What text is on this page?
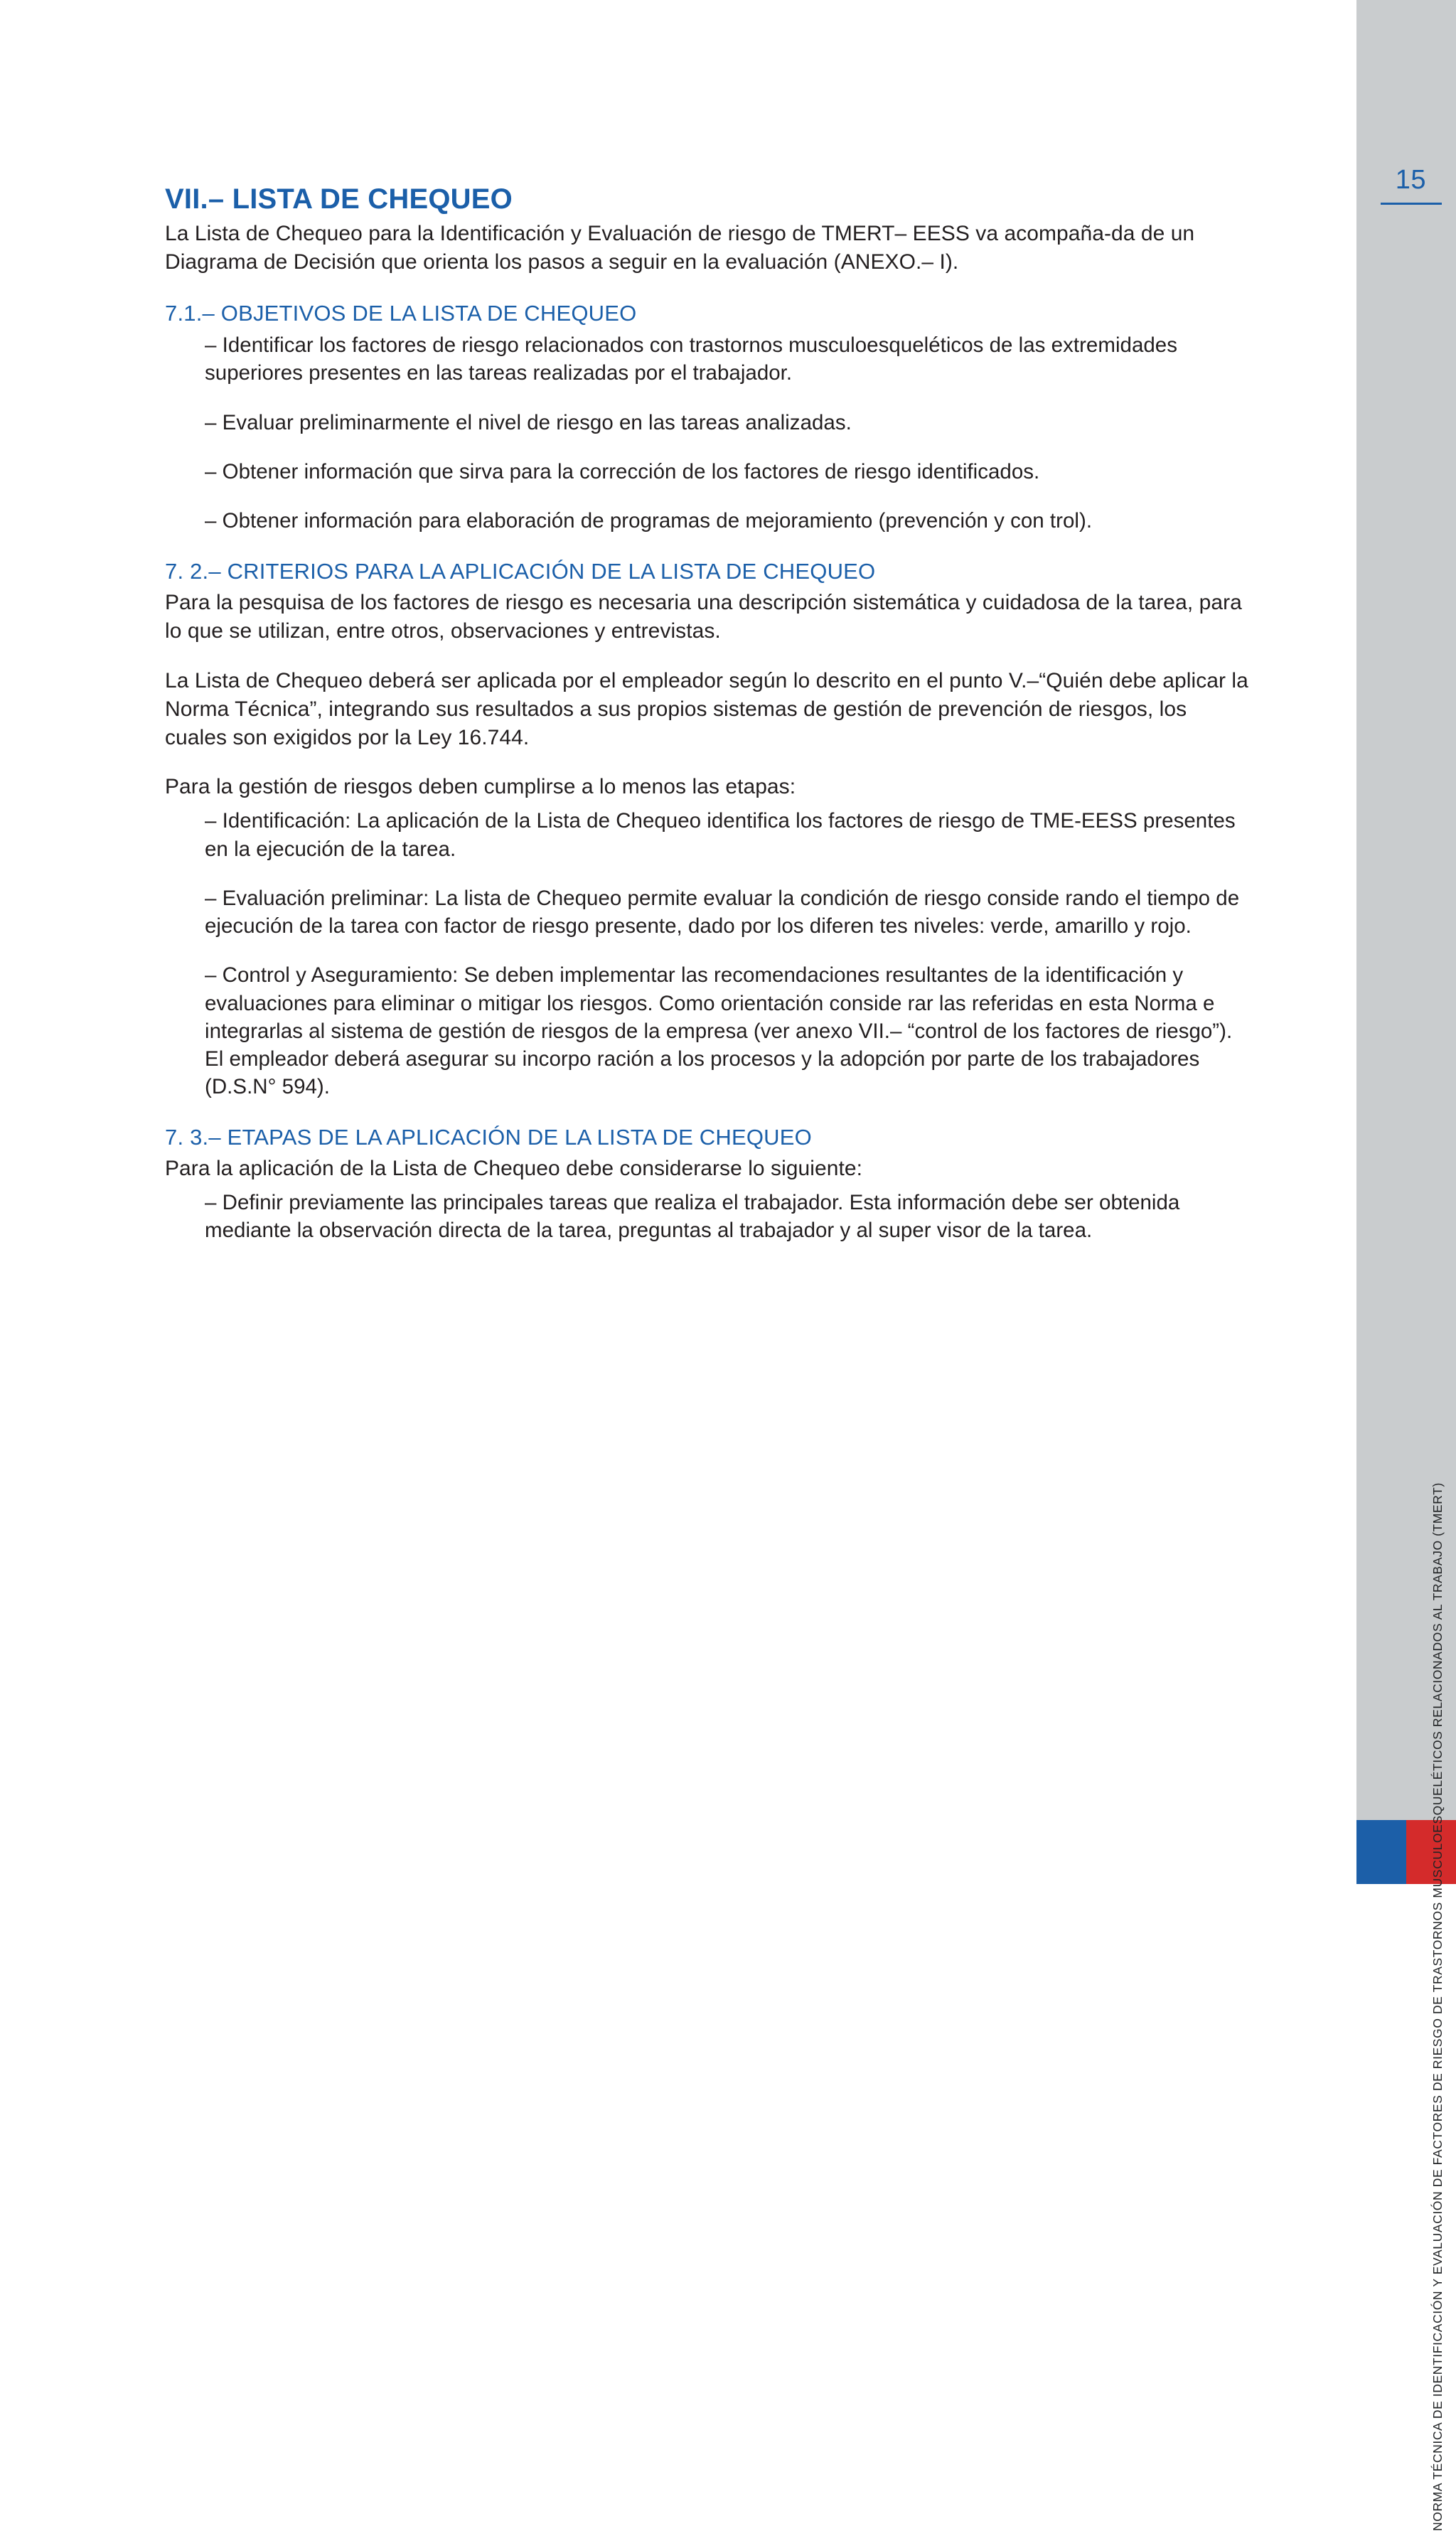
15
NORMA TÉCNICA DE IDENTIFICACIÓN Y EVALUACIÓN DE FACTORES DE RIESGO DE TRASTORNOS MUSCULOESQUELÉTICOS RELACIONADOS AL TRABAJO (TMERT)
VII.– LISTA DE CHEQUEO

La Lista de Chequeo para la Identificación y Evaluación de riesgo de TMERT– EESS va acompaña-da de un Diagrama de Decisión que orienta los pasos a seguir en la evaluación (ANEXO.– I).

7.1.– OBJETIVOS DE LA LISTA DE CHEQUEO
– Identificar los factores de riesgo relacionados con trastornos musculoesqueléticos de las extremidades superiores presentes en las tareas realizadas por el trabajador.
– Evaluar preliminarmente el nivel de riesgo en las tareas analizadas.
– Obtener información que sirva para la corrección de los factores de riesgo identificados.
– Obtener información para elaboración de programas de mejoramiento (prevención y con trol).
7. 2.– CRITERIOS PARA LA APLICACIÓN DE LA LISTA DE CHEQUEO

Para la pesquisa de los factores de riesgo es necesaria una descripción sistemática y cuidadosa de la tarea, para lo que se utilizan, entre otros, observaciones y entrevistas.

La Lista de Chequeo deberá ser aplicada por el empleador según lo descrito en el punto V.–“Quién debe aplicar la Norma Técnica”, integrando sus resultados a sus propios sistemas de gestión de prevención de riesgos, los cuales son exigidos por la Ley 16.744.

Para la gestión de riesgos deben cumplirse a lo menos las etapas:

– Identificación: La aplicación de la Lista de Chequeo identifica los factores de riesgo de TME-EESS presentes en la ejecución de la tarea.
– Evaluación preliminar: La lista de Chequeo permite evaluar la condición de riesgo conside rando el tiempo de ejecución de la tarea con factor de riesgo presente, dado por los diferen tes niveles: verde, amarillo y rojo.
– Control y Aseguramiento: Se deben implementar las recomendaciones resultantes de la identificación y evaluaciones para eliminar o mitigar los riesgos. Como orientación conside rar las referidas en esta Norma e integrarlas al sistema de gestión de riesgos de la empresa (ver anexo VII.– “control de los factores de riesgo”). El empleador deberá asegurar su incorpo ración a los procesos y la adopción por parte de los trabajadores (D.S.N° 594).
7. 3.– ETAPAS DE LA APLICACIÓN DE LA LISTA DE CHEQUEO

Para la aplicación de la Lista de Chequeo debe considerarse lo siguiente:

– Definir previamente las principales tareas que realiza el trabajador. Esta información debe ser obtenida mediante la observación directa de la tarea, preguntas al trabajador y al super visor de la tarea.
